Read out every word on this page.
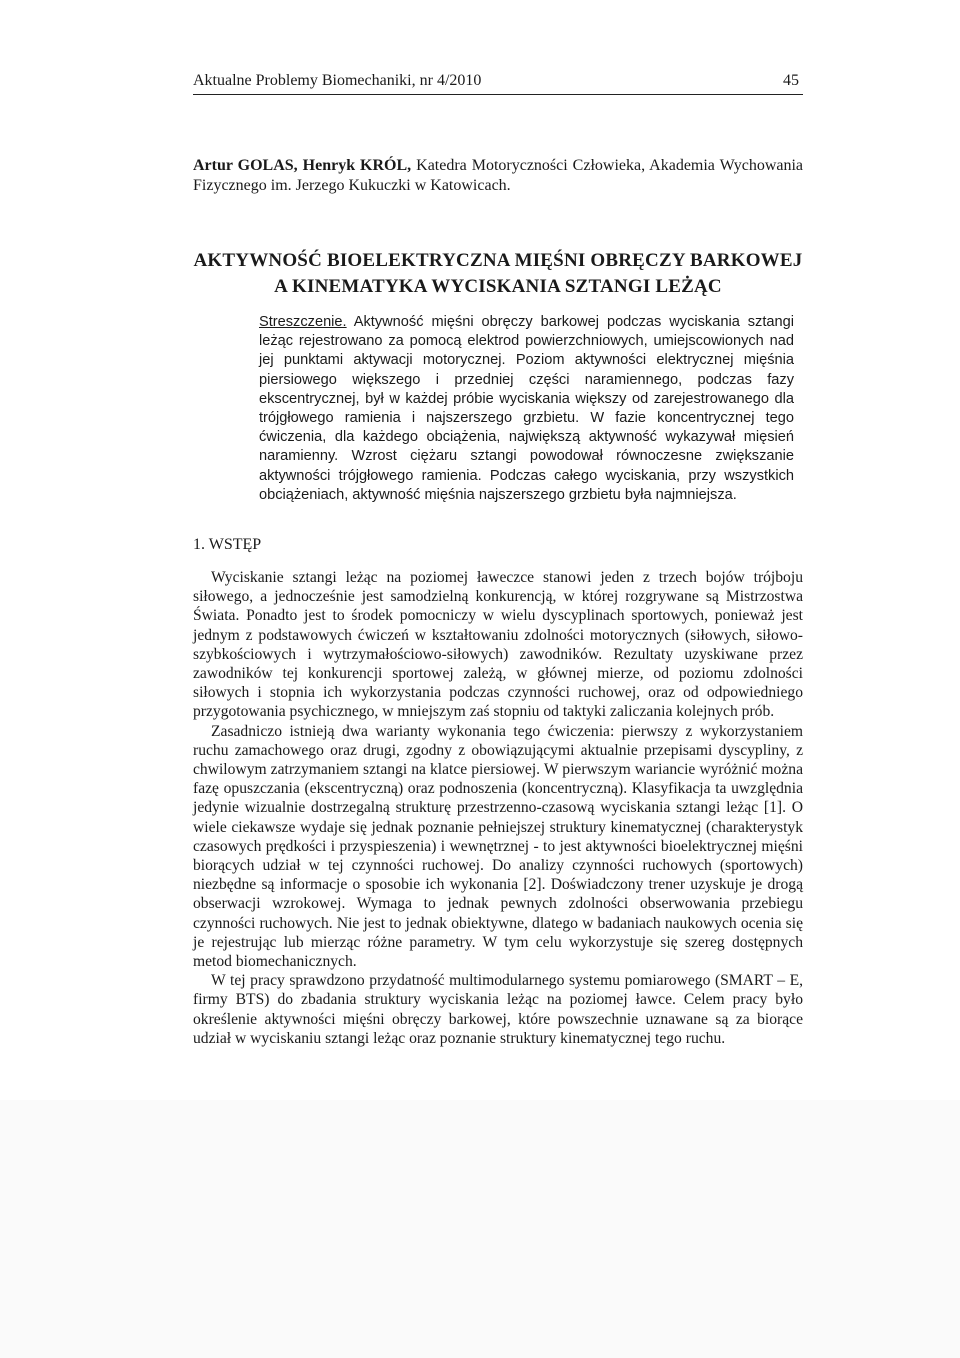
Aktualne Problemy Biomechaniki, nr 4/2010	45
Artur GOLAS, Henryk KRÓL, Katedra Motoryczności Człowieka, Akademia Wychowania Fizycznego im. Jerzego Kukuczki w Katowicach.
AKTYWNOŚĆ BIOELEKTRYCZNA MIĘŚNI OBRĘCZY BARKOWEJ
A KINEMATYKA WYCISKANIA SZTANGI LEŻĄC

Streszczenie. Aktywność mięśni obręczy barkowej podczas wyciskania sztangi leżąc rejestrowano za pomocą elektrod powierzchniowych, umiejscowionych nad jej punktami aktywacji motorycznej. Poziom aktywności elektrycznej mięśnia piersiowego większego i przedniej części naramiennego, podczas fazy ekscentrycznej, był w każdej próbie wyciskania większy od zarejestrowanego dla trójgłowego ramienia i najszerszego grzbietu. W fazie koncentrycznej tego ćwiczenia, dla każdego obciążenia, największą aktywność wykazywał mięsień naramienny. Wzrost ciężaru sztangi powodował równoczesne zwiększanie aktywności trójgłowego ramienia. Podczas całego wyciskania, przy wszystkich obciążeniach, aktywność mięśnia najszerszego grzbietu była najmniejsza.

1. WSTĘP

Wyciskanie sztangi leżąc na poziomej ławeczce stanowi jeden z trzech bojów trójboju siłowego, a jednocześnie jest samodzielną konkurencją, w której rozgrywane są Mistrzostwa Świata. Ponadto jest to środek pomocniczy w wielu dyscyplinach sportowych, ponieważ jest jednym z podstawowych ćwiczeń w kształtowaniu zdolności motorycznych (siłowych, siłowo-szybkościowych i wytrzymałościowo-siłowych) zawodników. Rezultaty uzyskiwane przez zawodników tej konkurencji sportowej zależą, w głównej mierze, od poziomu zdolności siłowych i stopnia ich wykorzystania podczas czynności ruchowej, oraz od odpowiedniego przygotowania psychicznego, w mniejszym zaś stopniu od taktyki zaliczania kolejnych prób.

Zasadniczo istnieją dwa warianty wykonania tego ćwiczenia: pierwszy z wykorzystaniem ruchu zamachowego oraz drugi, zgodny z obowiązującymi aktualnie przepisami dyscypliny, z chwilowym zatrzymaniem sztangi na klatce piersiowej. W pierwszym wariancie wyróżnić można fazę opuszczania (ekscentryczną) oraz podnoszenia (koncentryczną). Klasyfikacja ta uwzględnia jedynie wizualnie dostrzegalną strukturę przestrzenno-czasową wyciskania sztangi leżąc [1]. O wiele ciekawsze wydaje się jednak poznanie pełniejszej struktury kinematycznej (charakterystyk czasowych prędkości i przyspieszenia) i wewnętrznej - to jest aktywności bioelektrycznej mięśni biorących udział w tej czynności ruchowej. Do analizy czynności ruchowych (sportowych) niezbędne są informacje o sposobie ich wykonania [2]. Doświadczony trener uzyskuje je drogą obserwacji wzrokowej. Wymaga to jednak pewnych zdolności obserwowania przebiegu czynności ruchowych. Nie jest to jednak obiektywne, dlatego w badaniach naukowych ocenia się je rejestrując lub mierząc różne parametry. W tym celu wykorzystuje się szereg dostępnych metod biomechanicznych.

W tej pracy sprawdzono przydatność multimodularnego systemu pomiarowego (SMART – E, firmy BTS) do zbadania struktury wyciskania leżąc na poziomej ławce. Celem pracy było określenie aktywności mięśni obręczy barkowej, które powszechnie uznawane są za biorące udział w wyciskaniu sztangi leżąc oraz poznanie struktury kinematycznej tego ruchu.
